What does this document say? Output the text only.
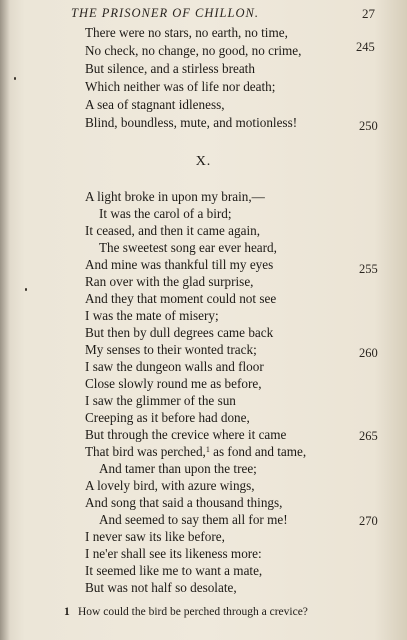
THE PRISONER OF CHILLON.	27
There were no stars, no earth, no time,
No check, no change, no good, no crime,
But silence, and a stirless breath
Which neither was of life nor death;
A sea of stagnant idleness,
Blind, boundless, mute, and motionless!
245
250
X.
A light broke in upon my brain,—
It was the carol of a bird;
It ceased, and then it came again,
The sweetest song ear ever heard,
And mine was thankful till my eyes
Ran over with the glad surprise,
And they that moment could not see
I was the mate of misery;
But then by dull degrees came back
My senses to their wonted track;
I saw the dungeon walls and floor
Close slowly round me as before,
I saw the glimmer of the sun
Creeping as it before had done,
But through the crevice where it came
That bird was perched,$^1$ as fond and tame,
And tamer than upon the tree;
A lovely bird, with azure wings,
And song that said a thousand things,
And seemed to say them all for me!
I never saw its like before,
I ne'er shall see its likeness more:
It seemed like me to want a mate,
But was not half so desolate,
255
260
265
270
1 How could the bird be perched through a crevice?
